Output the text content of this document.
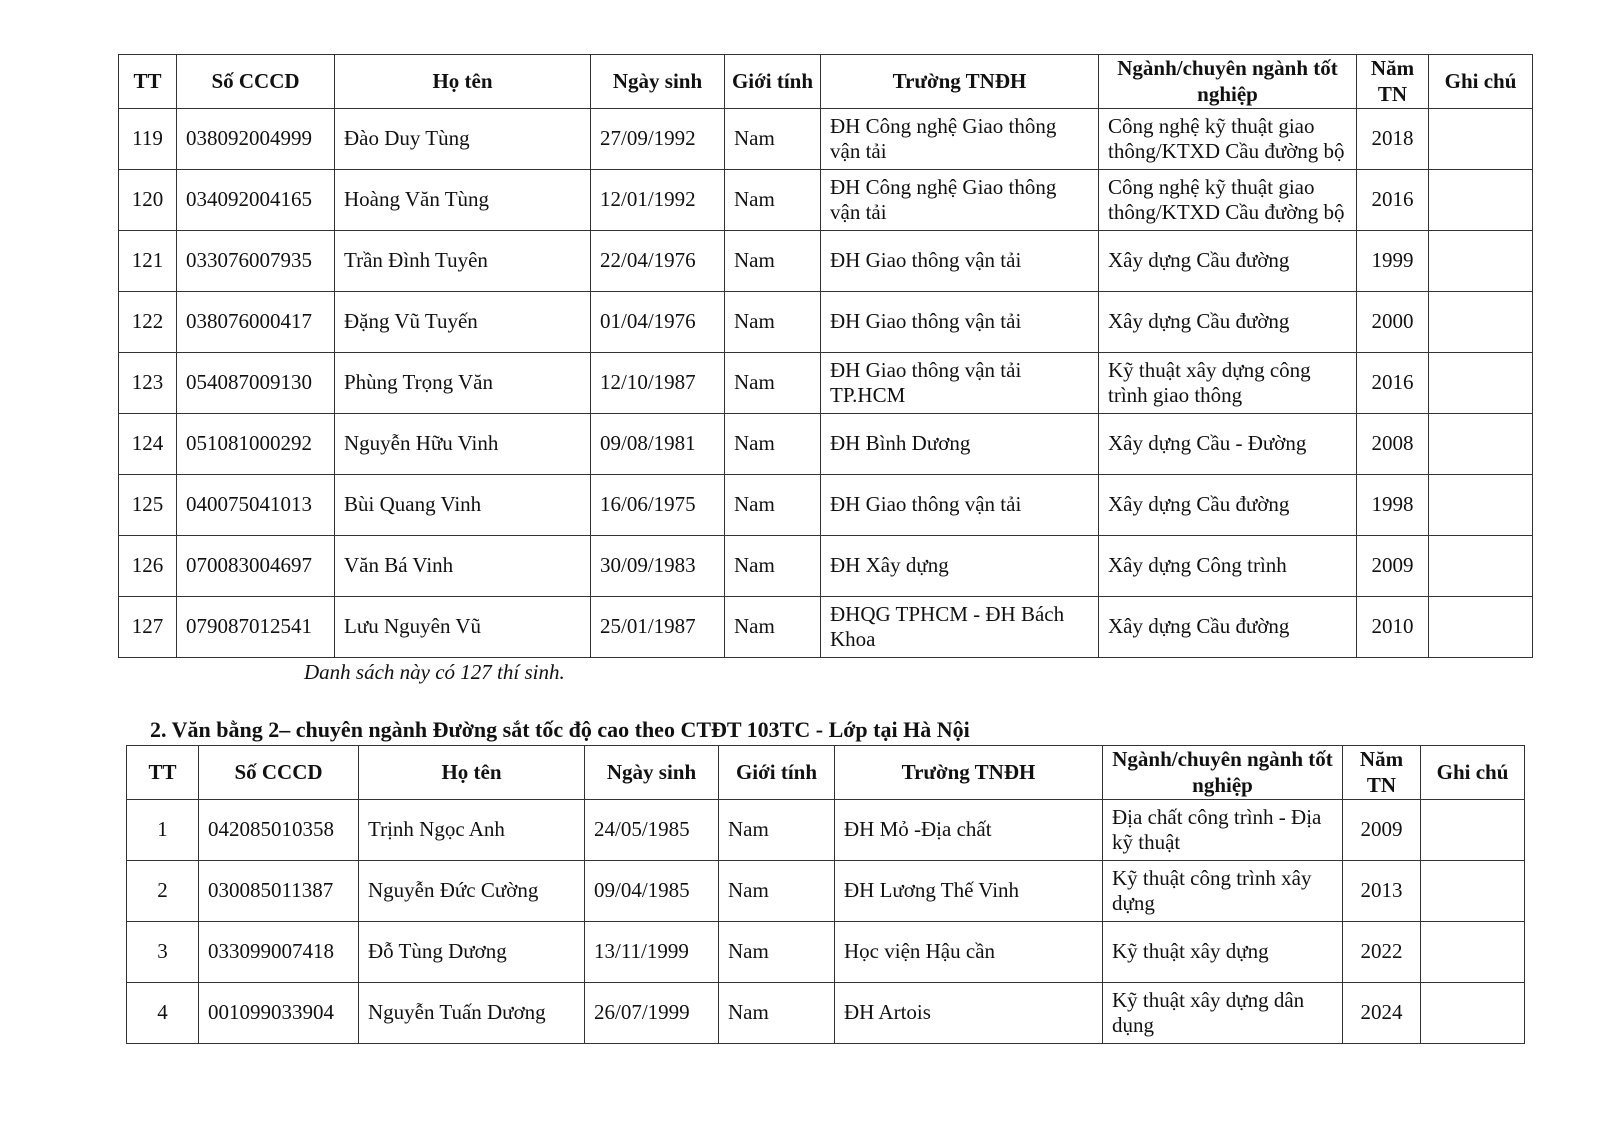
TT	Số CCCD	Họ tên	Ngày sinh	Giới tính	Trường TNĐH	Ngành/chuyên ngành tốt nghiệp	Năm TN	Ghi chú
119	038092004999	Đào Duy Tùng	27/09/1992	Nam	ĐH Công nghệ Giao thông vận tải	Công nghệ kỹ thuật giao thông/KTXD Cầu đường bộ	2018	
120	034092004165	Hoàng Văn Tùng	12/01/1992	Nam	ĐH Công nghệ Giao thông vận tải	Công nghệ kỹ thuật giao thông/KTXD Cầu đường bộ	2016	
121	033076007935	Trần Đình Tuyên	22/04/1976	Nam	ĐH Giao thông vận tải	Xây dựng Cầu đường	1999	
122	038076000417	Đặng Vũ Tuyến	01/04/1976	Nam	ĐH Giao thông vận tải	Xây dựng Cầu đường	2000	
123	054087009130	Phùng Trọng Văn	12/10/1987	Nam	ĐH Giao thông vận tải TP.HCM	Kỹ thuật xây dựng công trình giao thông	2016	
124	051081000292	Nguyễn Hữu Vinh	09/08/1981	Nam	ĐH Bình Dương	Xây dựng Cầu - Đường	2008	
125	040075041013	Bùi Quang Vinh	16/06/1975	Nam	ĐH Giao thông vận tải	Xây dựng Cầu đường	1998	
126	070083004697	Văn Bá Vinh	30/09/1983	Nam	ĐH Xây dựng	Xây dựng Công trình	2009	
127	079087012541	Lưu Nguyên Vũ	25/01/1987	Nam	ĐHQG TPHCM - ĐH Bách Khoa	Xây dựng Cầu đường	2010	
Danh sách này có 127 thí sinh.
2. Văn bằng 2– chuyên ngành Đường sắt tốc độ cao theo CTĐT 103TC - Lớp tại Hà Nội
TT	Số CCCD	Họ tên	Ngày sinh	Giới tính	Trường TNĐH	Ngành/chuyên ngành tốt nghiệp	Năm TN	Ghi chú
1	042085010358	Trịnh Ngọc Anh	24/05/1985	Nam	ĐH Mỏ -Địa chất	Địa chất công trình - Địa kỹ thuật	2009	
2	030085011387	Nguyễn Đức Cường	09/04/1985	Nam	ĐH Lương Thế Vinh	Kỹ thuật công trình xây dựng	2013	
3	033099007418	Đỗ Tùng Dương	13/11/1999	Nam	Học viện Hậu cần	Kỹ thuật xây dựng	2022	
4	001099033904	Nguyễn Tuấn Dương	26/07/1999	Nam	ĐH Artois	Kỹ thuật xây dựng dân dụng	2024	
